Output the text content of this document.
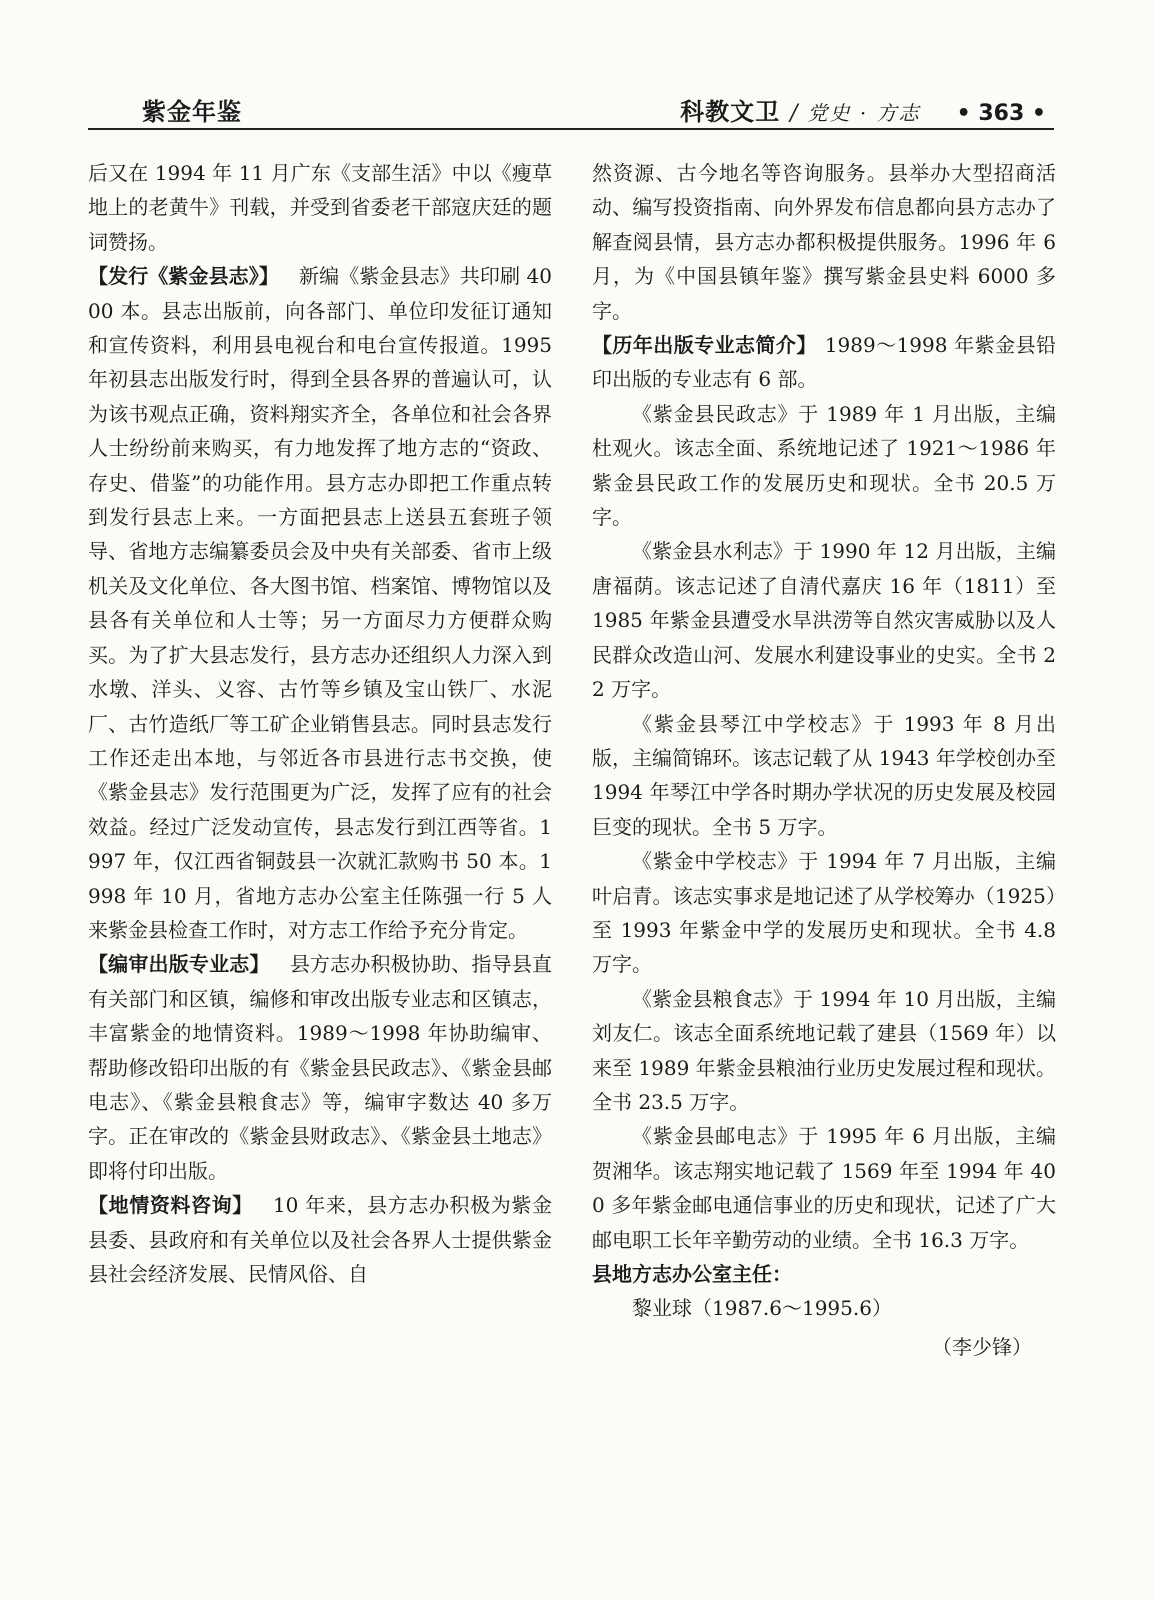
紫金年鉴	科教文卫 / 党史 · 方志 • 363 •

后又在 1994 年 11 月广东《支部生活》中以《瘦草地上的老黄牛》刊载，并受到省委老干部寇庆廷的题词赞扬。

【发行《紫金县志》】 新编《紫金县志》共印刷 4000 本。县志出版前，向各部门、单位印发征订通知和宣传资料，利用县电视台和电台宣传报道。1995 年初县志出版发行时，得到全县各界的普遍认可，认为该书观点正确，资料翔实齐全，各单位和社会各界人士纷纷前来购买，有力地发挥了地方志的“资政、存史、借鉴”的功能作用。县方志办即把工作重点转到发行县志上来。一方面把县志上送县五套班子领导、省地方志编纂委员会及中央有关部委、省市上级机关及文化单位、各大图书馆、档案馆、博物馆以及县各有关单位和人士等；另一方面尽力方便群众购买。为了扩大县志发行，县方志办还组织人力深入到水墩、洋头、义容、古竹等乡镇及宝山铁厂、水泥厂、古竹造纸厂等工矿企业销售县志。同时县志发行工作还走出本地，与邻近各市县进行志书交换，使《紫金县志》发行范围更为广泛，发挥了应有的社会效益。经过广泛发动宣传，县志发行到江西等省。1997 年，仅江西省铜鼓县一次就汇款购书 50 本。1998 年 10 月，省地方志办公室主任陈强一行 5 人来紫金县检查工作时，对方志工作给予充分肯定。

【编审出版专业志】 县方志办积极协助、指导县直有关部门和区镇，编修和审改出版专业志和区镇志，丰富紫金的地情资料。1989～1998 年协助编审、帮助修改铅印出版的有《紫金县民政志》、《紫金县邮电志》、《紫金县粮食志》等，编审字数达 40 多万字。正在审改的《紫金县财政志》、《紫金县土地志》即将付印出版。

【地情资料咨询】 10 年来，县方志办积极为紫金县委、县政府和有关单位以及社会各界人士提供紫金县社会经济发展、民情风俗、自

然资源、古今地名等咨询服务。县举办大型招商活动、编写投资指南、向外界发布信息都向县方志办了解查阅县情，县方志办都积极提供服务。1996 年 6 月，为《中国县镇年鉴》撰写紫金县史料 6000 多字。

【历年出版专业志简介】 1989～1998 年紫金县铅印出版的专业志有 6 部。

《紫金县民政志》于 1989 年 1 月出版，主编杜观火。该志全面、系统地记述了 1921～1986 年紫金县民政工作的发展历史和现状。全书 20.5 万字。

《紫金县水利志》于 1990 年 12 月出版，主编唐福荫。该志记述了自清代嘉庆 16 年（1811）至 1985 年紫金县遭受水旱洪涝等自然灾害威胁以及人民群众改造山河、发展水利建设事业的史实。全书 22 万字。

《紫金县琴江中学校志》于 1993 年 8 月出版，主编简锦环。该志记载了从 1943 年学校创办至 1994 年琴江中学各时期办学状况的历史发展及校园巨变的现状。全书 5 万字。

《紫金中学校志》于 1994 年 7 月出版，主编叶启青。该志实事求是地记述了从学校筹办（1925）至 1993 年紫金中学的发展历史和现状。全书 4.8 万字。

《紫金县粮食志》于 1994 年 10 月出版，主编刘友仁。该志全面系统地记载了建县（1569 年）以来至 1989 年紫金县粮油行业历史发展过程和现状。全书 23.5 万字。

《紫金县邮电志》于 1995 年 6 月出版，主编贺湘华。该志翔实地记载了 1569 年至 1994 年 400 多年紫金邮电通信事业的历史和现状，记述了广大邮电职工长年辛勤劳动的业绩。全书 16.3 万字。

县地方志办公室主任：

黎业球（1987.6～1995.6）

（李少锋）
